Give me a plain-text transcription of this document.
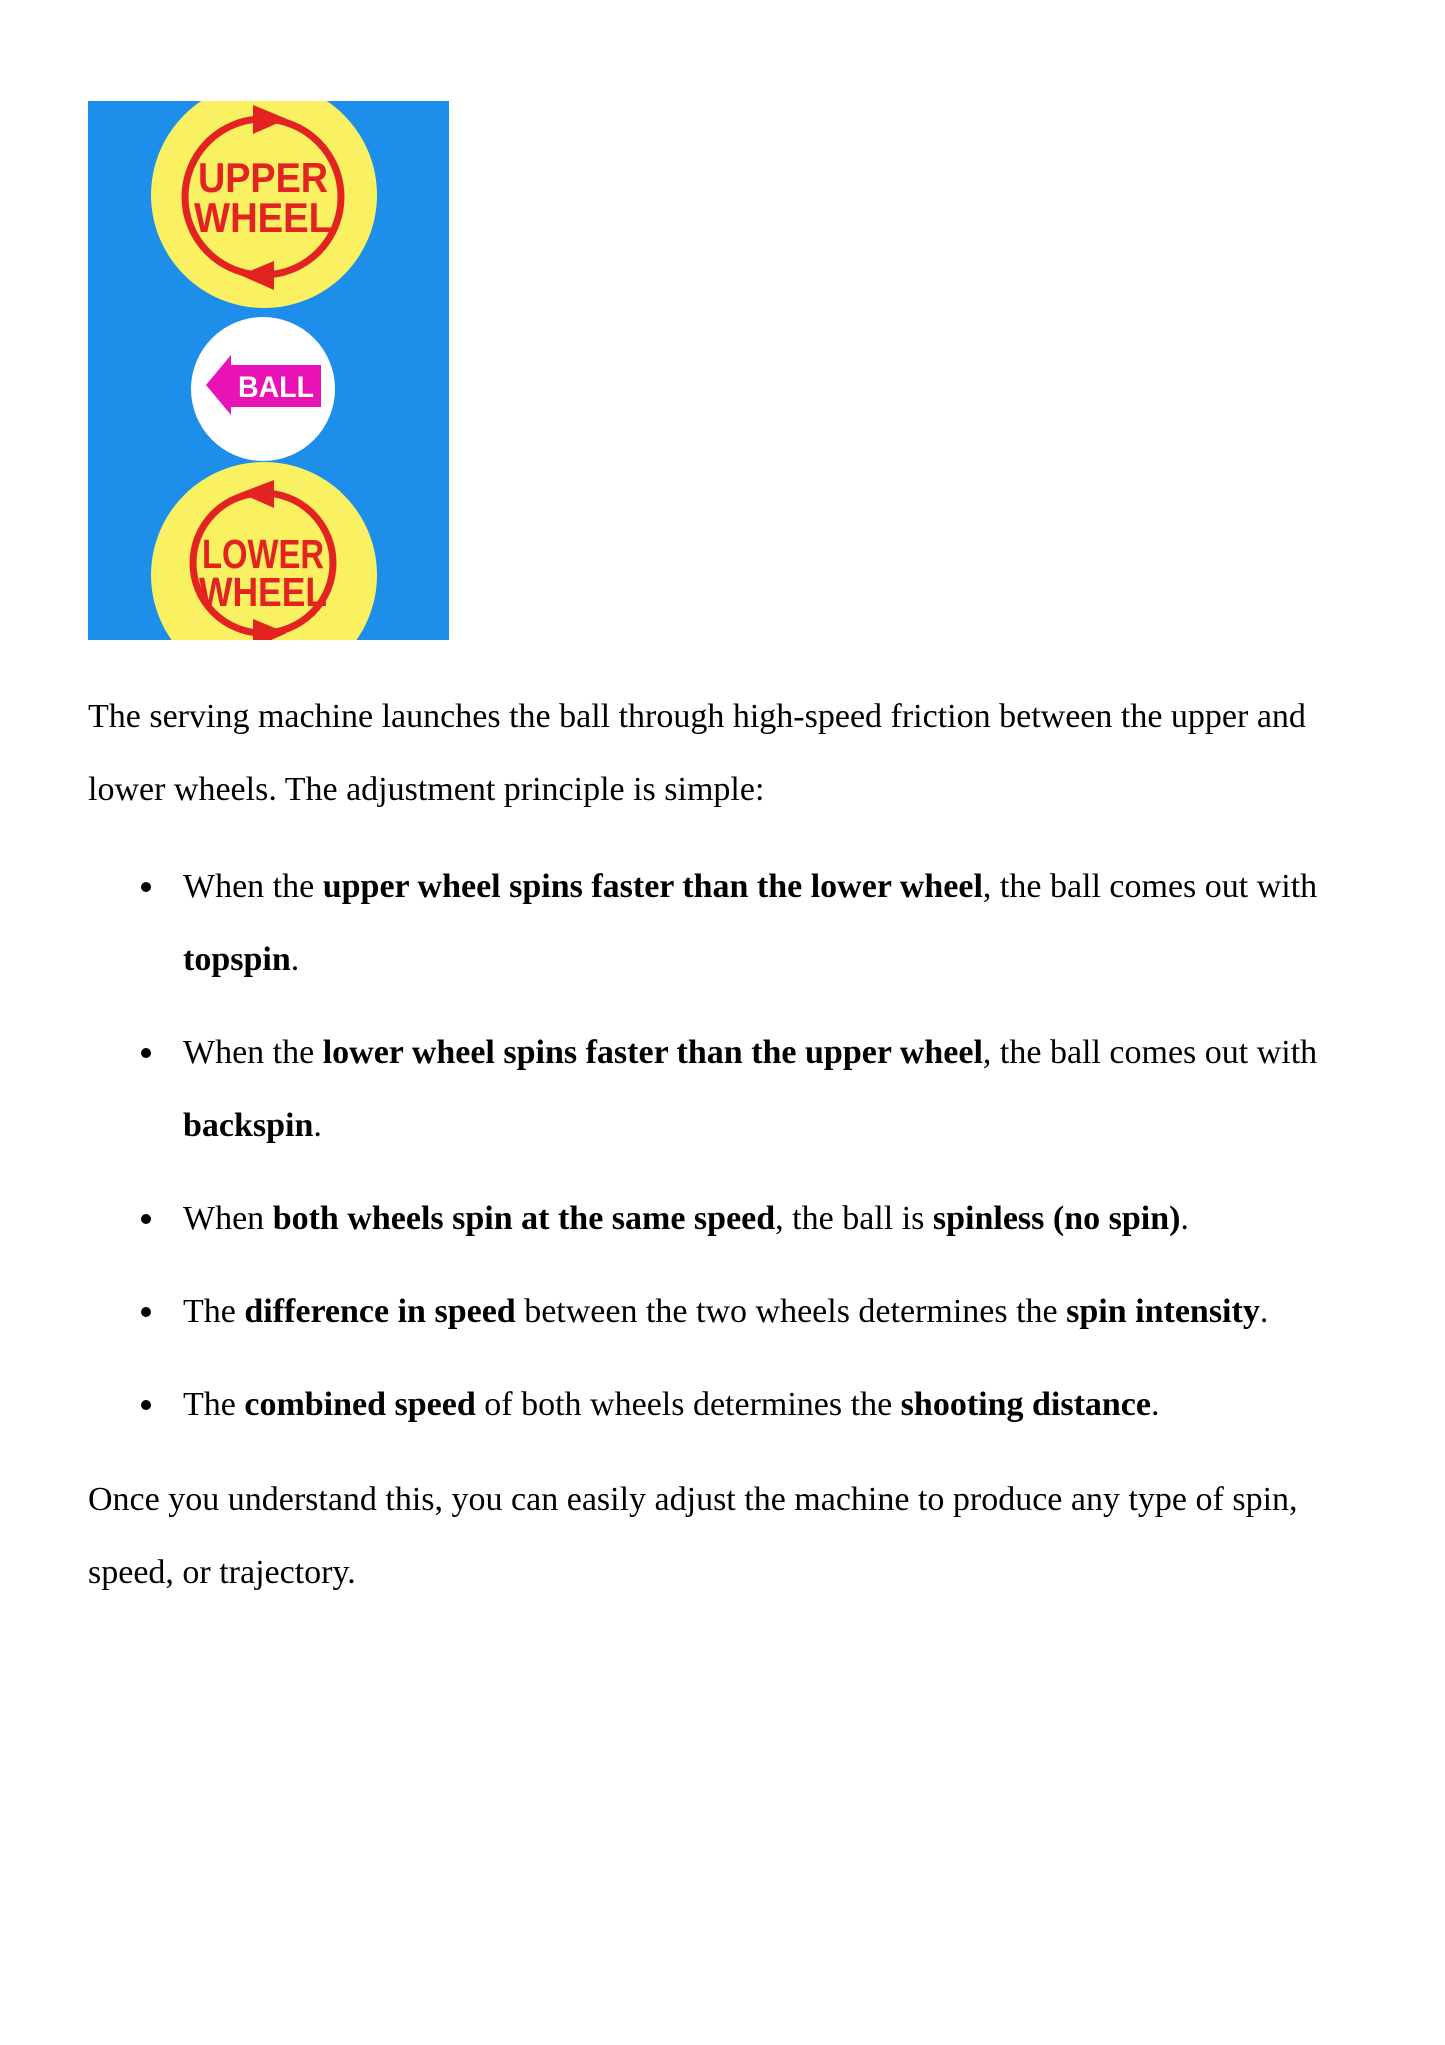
UPPER
WHEEL
BALL
LOWER
WHEEL

The serving machine launches the ball through high-speed friction between the upper and lower wheels. The adjustment principle is simple:

When the upper wheel spins faster than the lower wheel, the ball comes out with topspin.
When the lower wheel spins faster than the upper wheel, the ball comes out with backspin.
When both wheels spin at the same speed, the ball is spinless (no spin).
The difference in speed between the two wheels determines the spin intensity.
The combined speed of both wheels determines the shooting distance.

Once you understand this, you can easily adjust the machine to produce any type of spin, speed, or trajectory.
